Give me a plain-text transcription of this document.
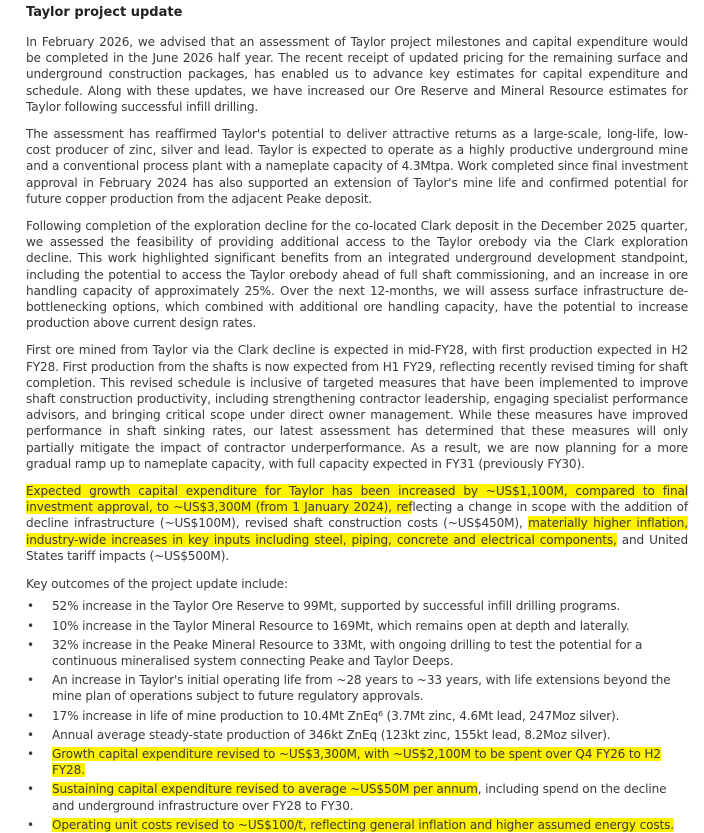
Taylor project update

In February 2026, we advised that an assessment of Taylor project milestones and capital expenditure would be completed in the June 2026 half year. The recent receipt of updated pricing for the remaining surface and underground construction packages, has enabled us to advance key estimates for capital expenditure and schedule. Along with these updates, we have increased our Ore Reserve and Mineral Resource estimates for Taylor following successful infill drilling.

The assessment has reaffirmed Taylor's potential to deliver attractive returns as a large-scale, long-life, low-cost producer of zinc, silver and lead. Taylor is expected to operate as a highly productive underground mine and a conventional process plant with a nameplate capacity of 4.3Mtpa. Work completed since final investment approval in February 2024 has also supported an extension of Taylor's mine life and confirmed potential for future copper production from the adjacent Peake deposit.

Following completion of the exploration decline for the co-located Clark deposit in the December 2025 quarter, we assessed the feasibility of providing additional access to the Taylor orebody via the Clark exploration decline. This work highlighted significant benefits from an integrated underground development standpoint, including the potential to access the Taylor orebody ahead of full shaft commissioning, and an increase in ore handling capacity of approximately 25%. Over the next 12-months, we will assess surface infrastructure de-bottlenecking options, which combined with additional ore handling capacity, have the potential to increase production above current design rates.

First ore mined from Taylor via the Clark decline is expected in mid-FY28, with first production expected in H2 FY28. First production from the shafts is now expected from H1 FY29, reflecting recently revised timing for shaft completion. This revised schedule is inclusive of targeted measures that have been implemented to improve shaft construction productivity, including strengthening contractor leadership, engaging specialist performance advisors, and bringing critical scope under direct owner management. While these measures have improved performance in shaft sinking rates, our latest assessment has determined that these measures will only partially mitigate the impact of contractor underperformance. As a result, we are now planning for a more gradual ramp up to nameplate capacity, with full capacity expected in FY31 (previously FY30).

Expected growth capital expenditure for Taylor has been increased by ~US$1,100M, compared to final investment approval, to ~US$3,300M (from 1 January 2024), reflecting a change in scope with the addition of decline infrastructure (~US$100M), revised shaft construction costs (~US$450M), materially higher inflation, industry-wide increases in key inputs including steel, piping, concrete and electrical components, and United States tariff impacts (~US$500M).

Key outcomes of the project update include:
• 52% increase in the Taylor Ore Reserve to 99Mt, supported by successful infill drilling programs.
• 10% increase in the Taylor Mineral Resource to 169Mt, which remains open at depth and laterally.
• 32% increase in the Peake Mineral Resource to 33Mt, with ongoing drilling to test the potential for a continuous mineralised system connecting Peake and Taylor Deeps.
• An increase in Taylor's initial operating life from ~28 years to ~33 years, with life extensions beyond the mine plan of operations subject to future regulatory approvals.
• 17% increase in life of mine production to 10.4Mt ZnEq⁶ (3.7Mt zinc, 4.6Mt lead, 247Moz silver).
• Annual average steady-state production of 346kt ZnEq (123kt zinc, 155kt lead, 8.2Moz silver).
• Growth capital expenditure revised to ~US$3,300M, with ~US$2,100M to be spent over Q4 FY26 to H2 FY28.
• Sustaining capital expenditure revised to average ~US$50M per annum, including spend on the decline and underground infrastructure over FY28 to FY30.
• Operating unit costs revised to ~US$100/t, reflecting general inflation and higher assumed energy costs.
